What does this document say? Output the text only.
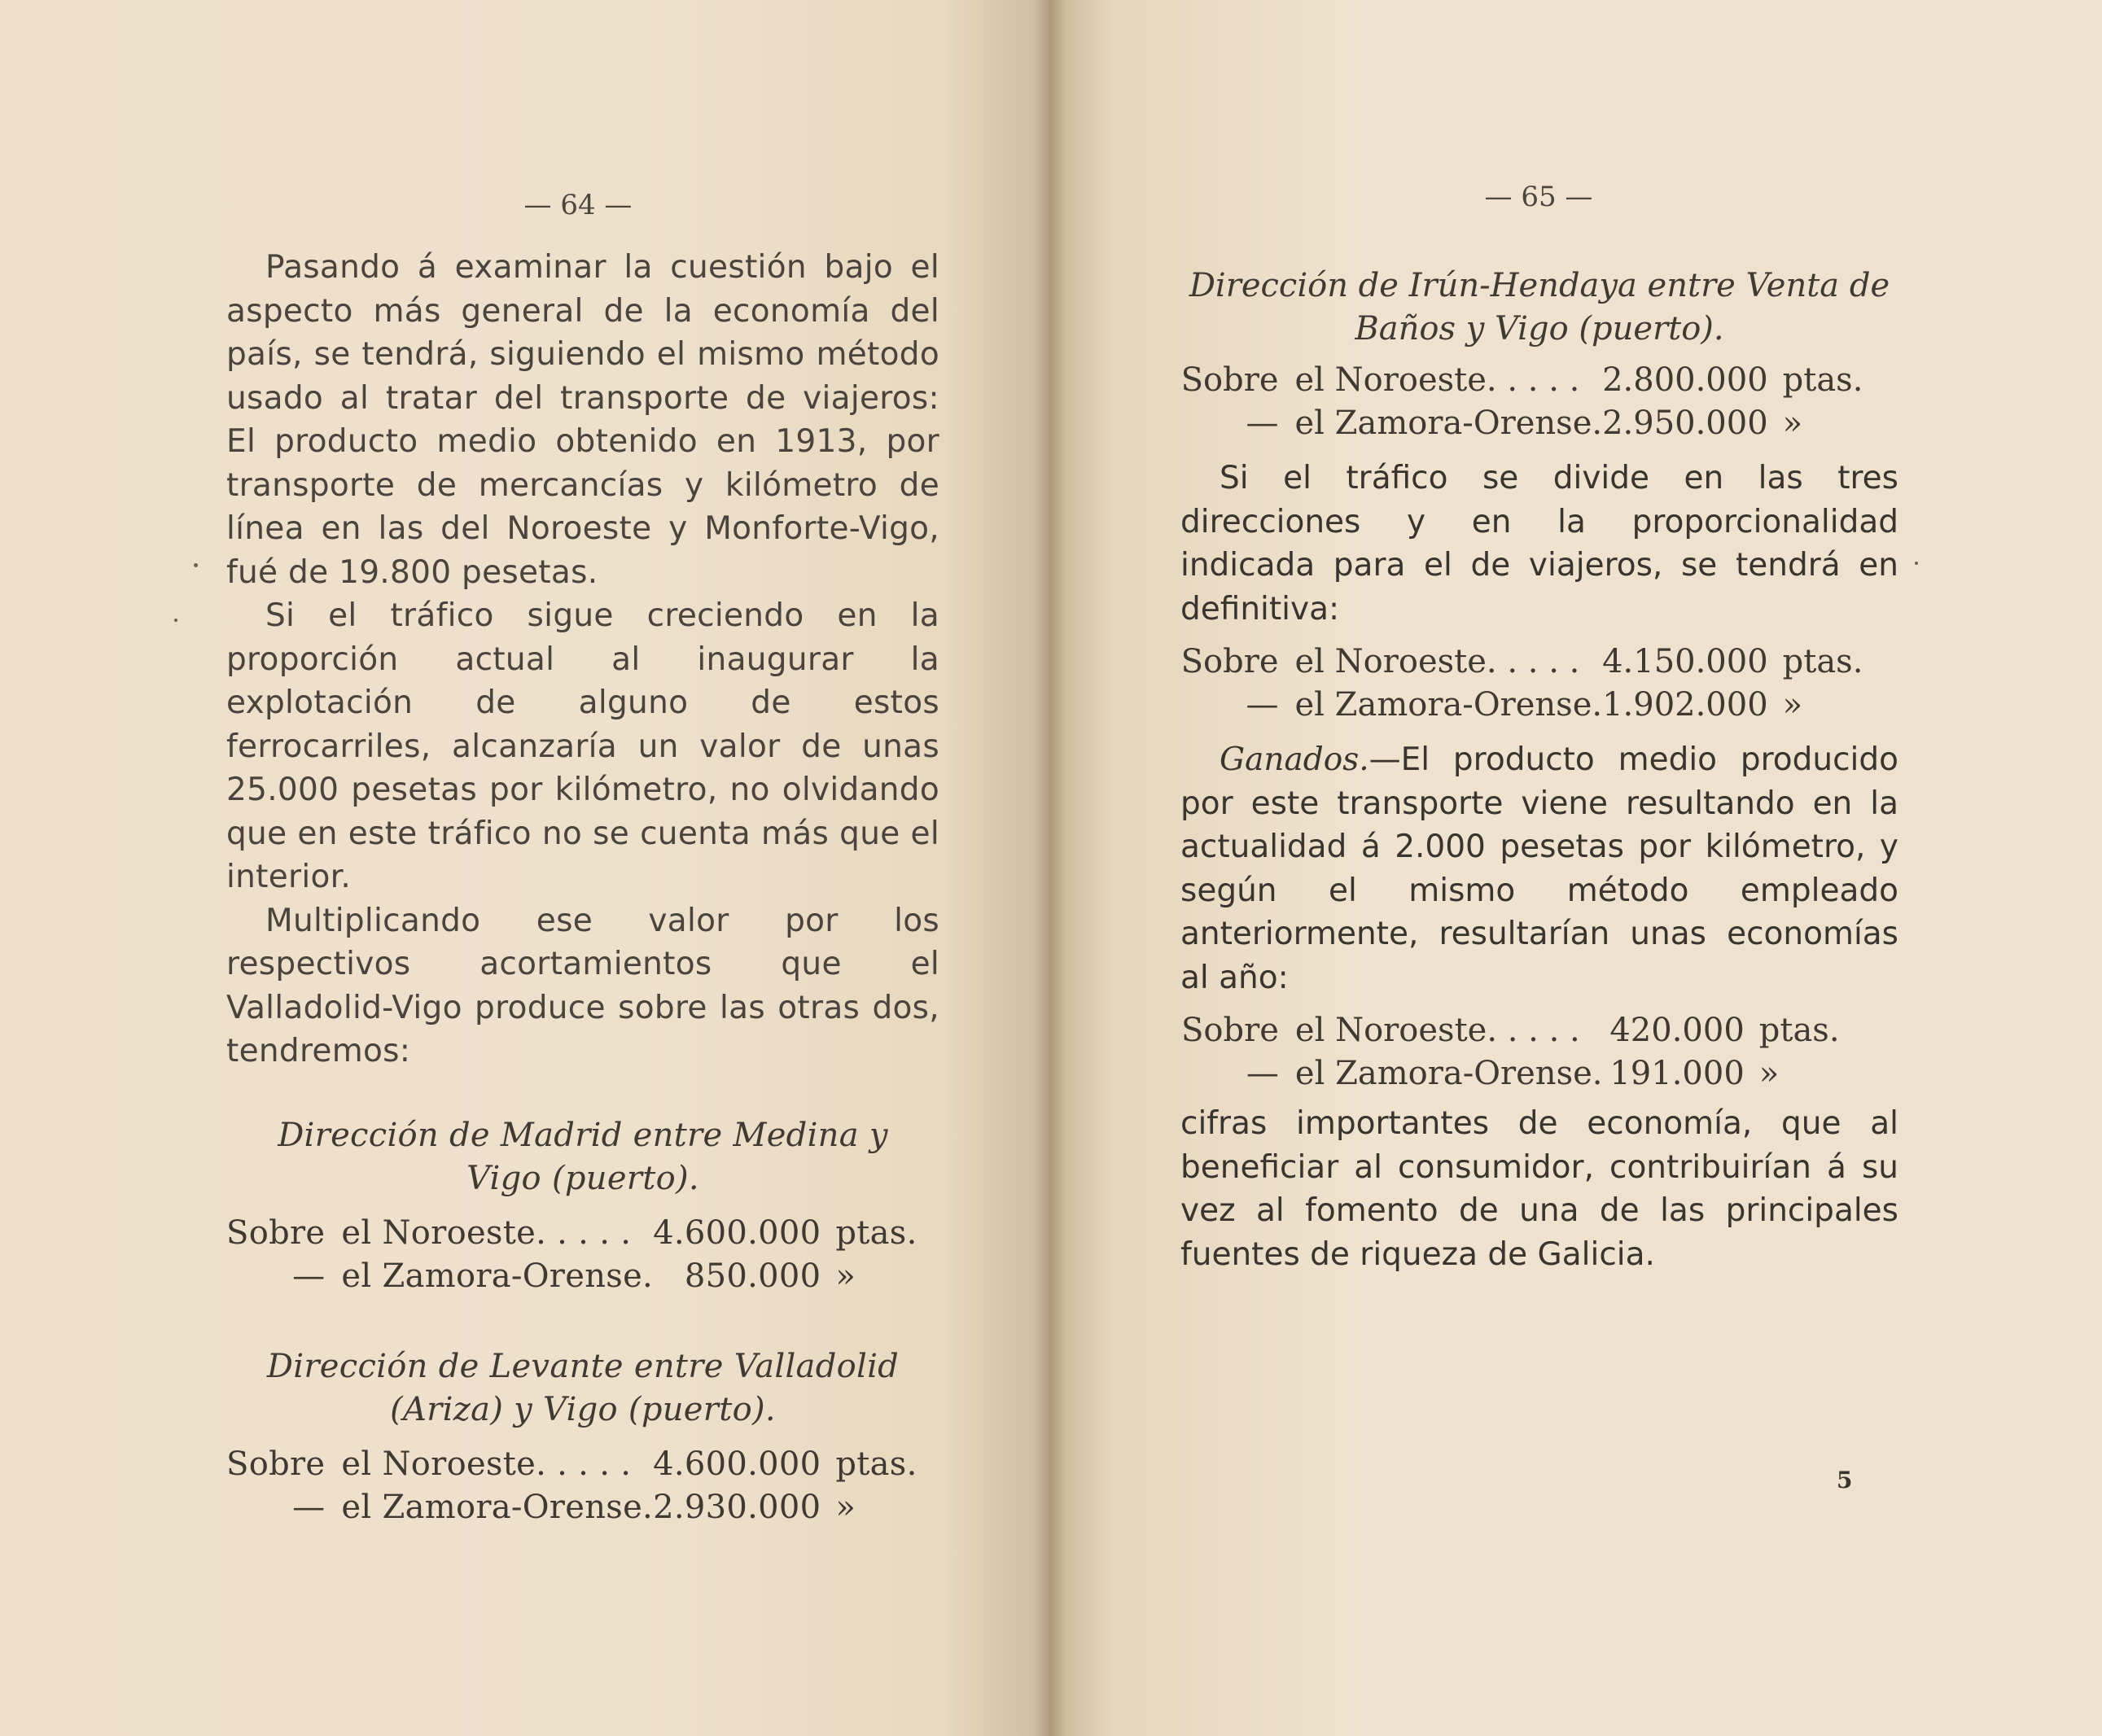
— 64 —

Pasando á examinar la cuestión bajo el aspecto más general de la economía del país, se tendrá, siguiendo el mismo método usado al tratar del transporte de viajeros: El producto medio obtenido en 1913, por transporte de mercancías y kilómetro de línea en las del Noroeste y Monforte-Vigo, fué de 19.800 pesetas.

Si el tráfico sigue creciendo en la proporción actual al inaugurar la explotación de alguno de estos ferrocarriles, alcanzaría un valor de unas 25.000 pesetas por kilómetro, no olvidando que en este tráfico no se cuenta más que el interior.

Multiplicando ese valor por los respectivos acortamientos que el Valladolid-Vigo produce sobre las otras dos, tendremos:

Dirección de Madrid entre Medina y Vigo (puerto).

Sobre	el Noroeste. . . . .	4.600.000	ptas.
—	el Zamora-Orense.	850.000	»

Dirección de Levante entre Valladolid (Ariza) y Vigo (puerto).

Sobre	el Noroeste. . . . .	4.600.000	ptas.
—	el Zamora-Orense.	2.930.000	»
— 65 —

Dirección de Irún-Hendaya entre Venta de Baños y Vigo (puerto).

Sobre	el Noroeste. . . . .	2.800.000	ptas.
—	el Zamora-Orense.	2.950.000	»

Si el tráfico se divide en las tres direcciones y en la proporcionalidad indicada para el de viajeros, se tendrá en definitiva:

Sobre	el Noroeste. . . . .	4.150.000	ptas.
—	el Zamora-Orense.	1.902.000	»

Ganados.—El producto medio producido por este transporte viene resultando en la actualidad á 2.000 pesetas por kilómetro, y según el mismo método empleado anteriormente, resultarían unas economías al año:

Sobre	el Noroeste. . . . .	420.000	ptas.
—	el Zamora-Orense.	191.000	»

cifras importantes de economía, que al beneficiar al consumidor, contribuirían á su vez al fomento de una de las principales fuentes de riqueza de Galicia.

5
